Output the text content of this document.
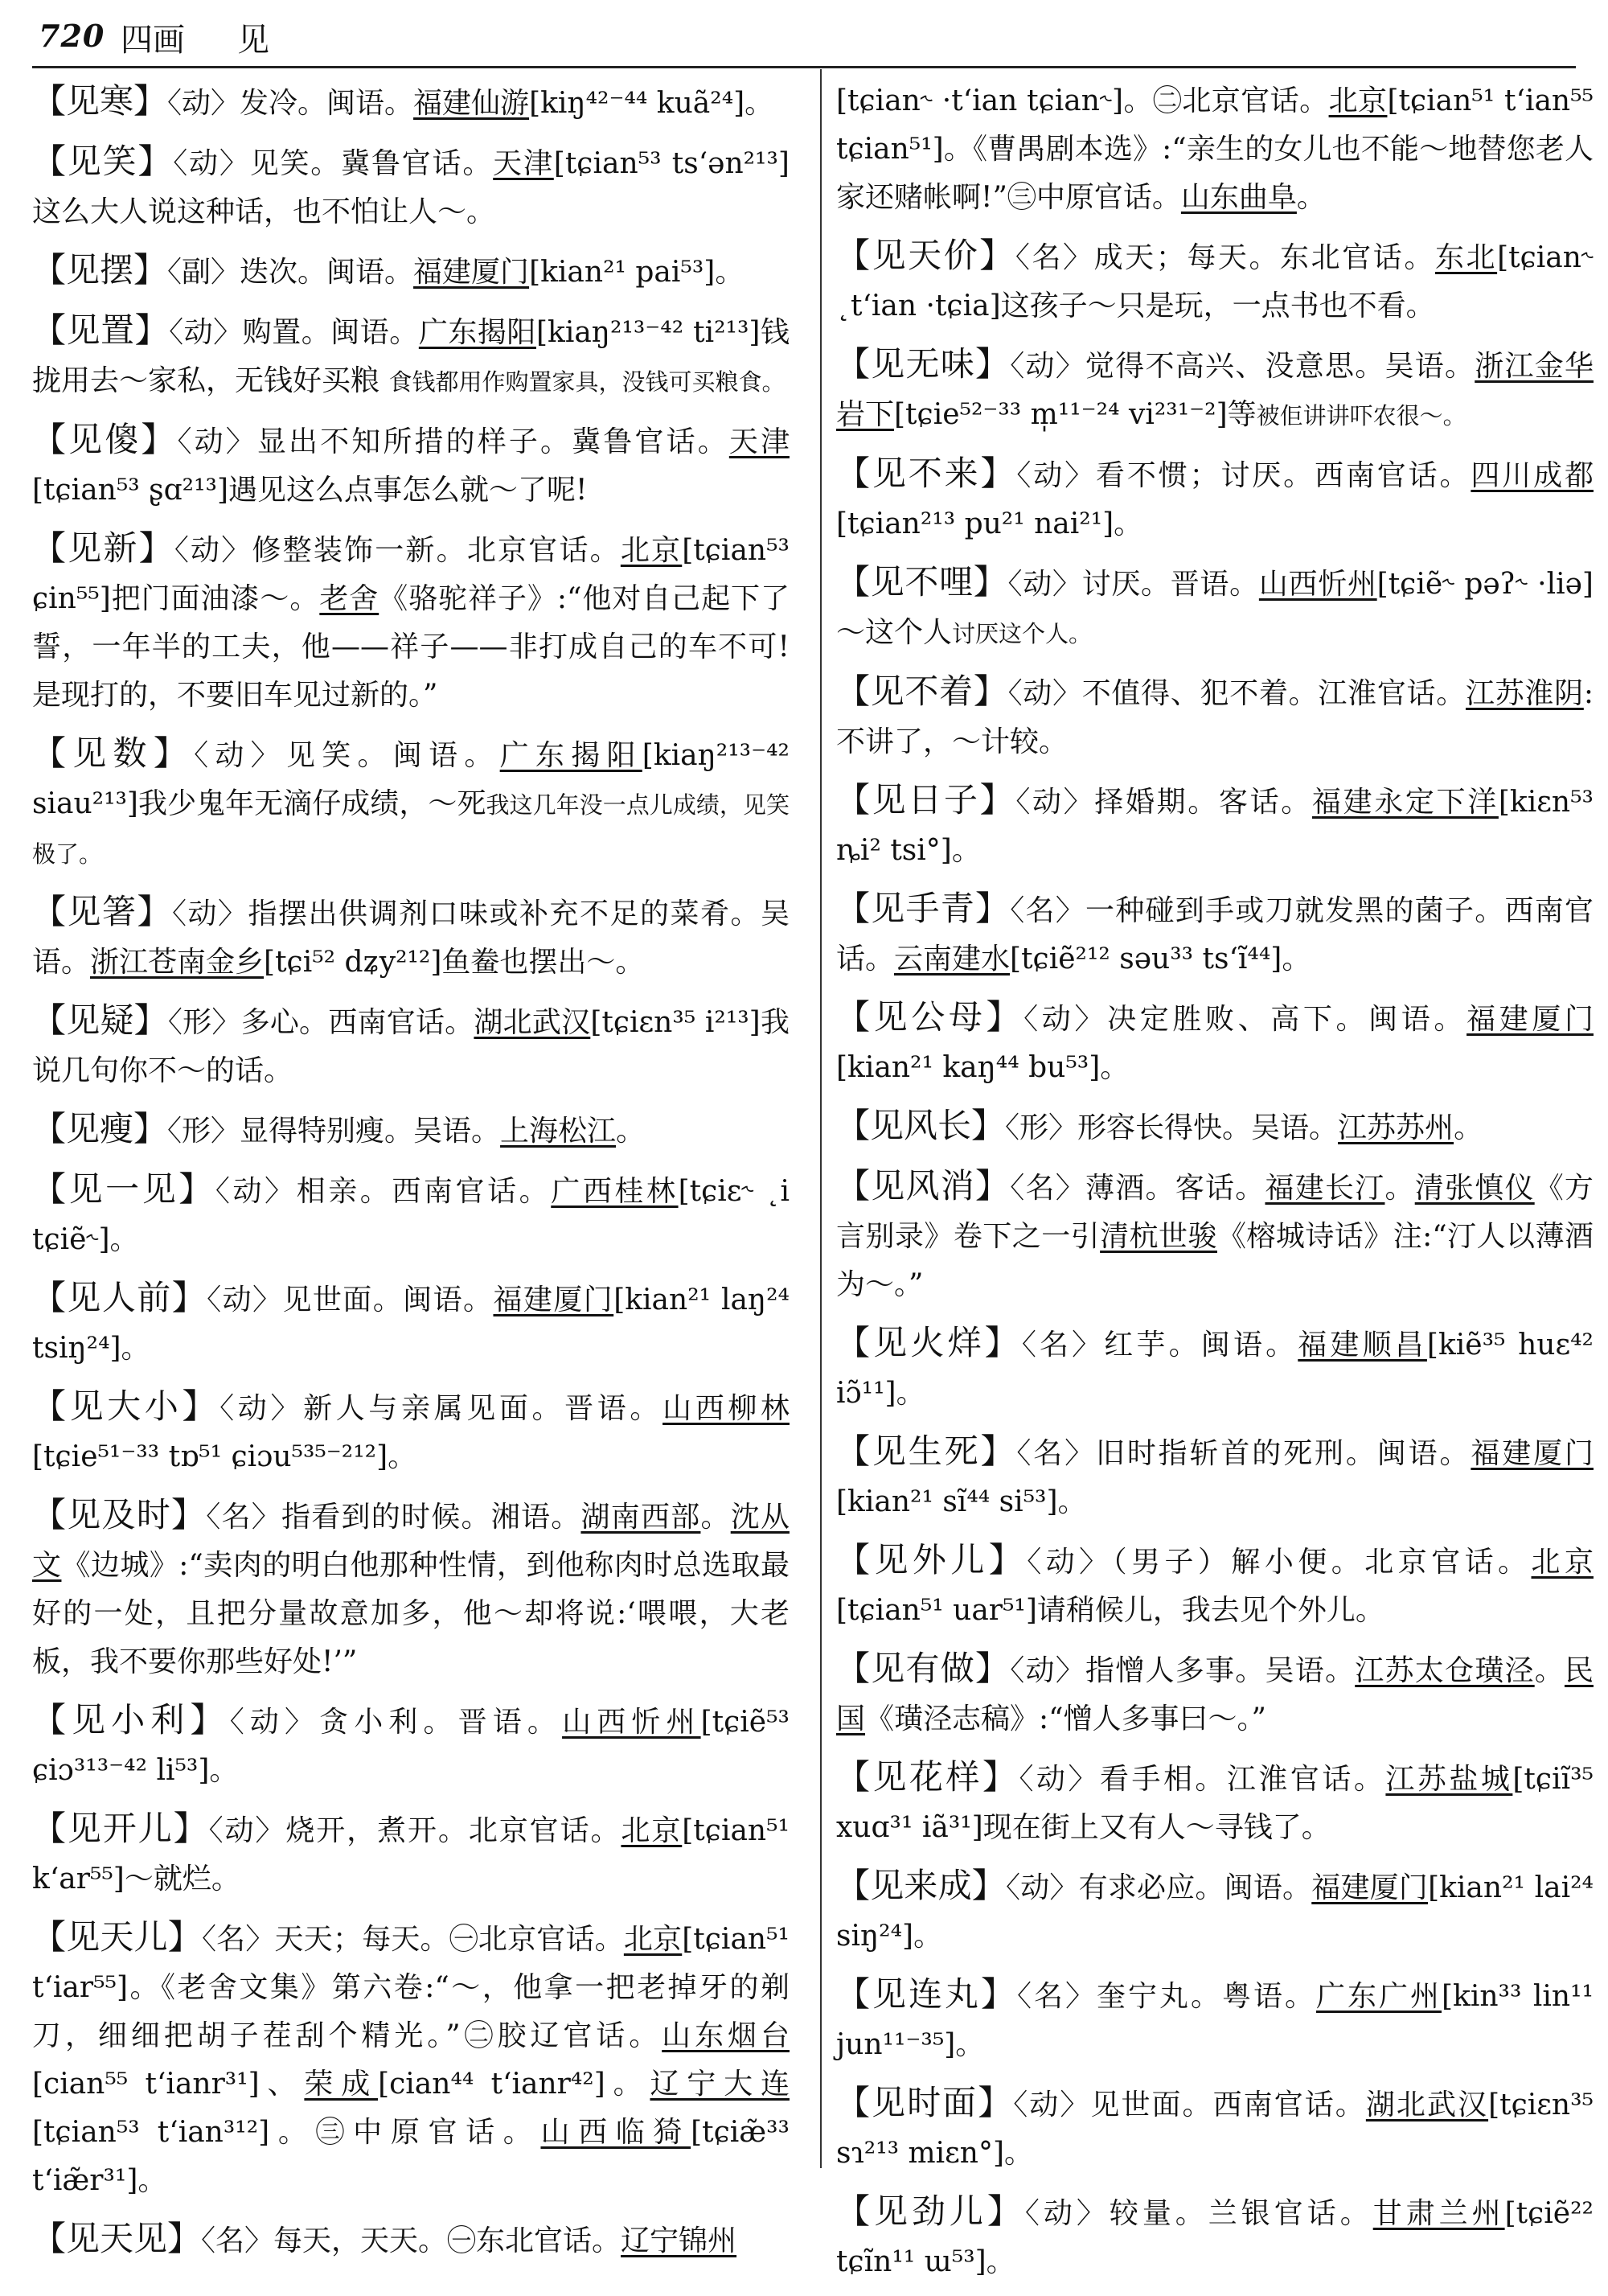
720 四画 见
【见寒】〈动〉发冷。闽语。福建仙游[kiŋ⁴²⁻⁴⁴ kuã²⁴]。
【见笑】〈动〉见笑。冀鲁官话。天津[tɕian⁵³ tsʻən²¹³]这么大人说这种话，也不怕让人～。
【见摆】〈副〉迭次。闽语。福建厦门[kian²¹ pai⁵³]。
【见置】〈动〉购置。闽语。广东揭阳[kiaŋ²¹³⁻⁴² ti²¹³]钱拢用去～家私，无钱好买粮 食钱都用作购置家具，没钱可买粮食。
【见傻】〈动〉显出不知所措的样子。冀鲁官话。天津[tɕian⁵³ ʂɑ²¹³]遇见这么点事怎么就～了呢!
【见新】〈动〉修整装饰一新。北京官话。北京[tɕian⁵³ ɕin⁵⁵]把门面油漆～。老舍《骆驼祥子》:“他对自己起下了誓，一年半的工夫，他——祥子——非打成自己的车不可! 是现打的，不要旧车见过新的。”
【见数】〈动〉见笑。闽语。广东揭阳[kiaŋ²¹³⁻⁴² siau²¹³]我少鬼年无滴仔成绩，～死我这几年没一点儿成绩，见笑极了。
【见箸】〈动〉指摆出供调剂口味或补充不足的菜肴。吴语。浙江苍南金乡[tɕi⁵² dʑy²¹²]鱼鲞也摆出～。
【见疑】〈形〉多心。西南官话。湖北武汉[tɕiɛn³⁵ i²¹³]我说几句你不～的话。
【见瘦】〈形〉显得特别瘦。吴语。上海松江。
【见一见】〈动〉相亲。西南官话。广西桂林[tɕiɛ˞ ˛i tɕiẽ˞]。
【见人前】〈动〉见世面。闽语。福建厦门[kian²¹ laŋ²⁴ tsiŋ²⁴]。
【见大小】〈动〉新人与亲属见面。晋语。山西柳林[tɕie⁵¹⁻³³ tɒ⁵¹ ɕiɔu⁵³⁵⁻²¹²]。
【见及时】〈名〉指看到的时候。湘语。湖南西部。沈从文《边城》:“卖肉的明白他那种性情，到他称肉时总选取最好的一处，且把分量故意加多，他～却将说:‘喂喂，大老板，我不要你那些好处!’”
【见小利】〈动〉贪小利。晋语。山西忻州[tɕiẽ⁵³ ɕiɔ³¹³⁻⁴² li⁵³]。
【见开儿】〈动〉烧开，煮开。北京官话。北京[tɕian⁵¹ kʻar⁵⁵]～就烂。
【见天儿】〈名〉天天；每天。㊀北京官话。北京[tɕian⁵¹ tʻiar⁵⁵]。《老舍文集》第六卷:“～，他拿一把老掉牙的剃刀，细细把胡子茬刮个精光。”㊁胶辽官话。山东烟台[cian⁵⁵ tʻianr³¹]、荣成[cian⁴⁴ tʻianr⁴²]。辽宁大连[tɕian⁵³ tʻian³¹²]。㊂中原官话。山西临猗[tɕiæ̃³³ tʻiæ̃r³¹]。
【见天见】〈名〉每天，天天。㊀东北官话。辽宁锦州
[tɕian˞ ·tʻian tɕian˞]。㊁北京官话。北京[tɕian⁵¹ tʻian⁵⁵ tɕian⁵¹]。《曹禺剧本选》:“亲生的女儿也不能～地替您老人家还赌帐啊!”㊂中原官话。山东曲阜。
【见天价】〈名〉成天；每天。东北官话。东北[tɕian˞ ˛tʻian ·tɕia]这孩子～只是玩，一点书也不看。
【见无味】〈动〉觉得不高兴、没意思。吴语。浙江金华岩下[tɕie⁵²⁻³³ m̩¹¹⁻²⁴ vi²³¹⁻²]等被佢讲讲吓农很～。
【见不来】〈动〉看不惯；讨厌。西南官话。四川成都[tɕian²¹³ pu²¹ nai²¹]。
【见不哩】〈动〉讨厌。晋语。山西忻州[tɕiẽ˞ pəʔ˞ ·liə]～这个人讨厌这个人。
【见不着】〈动〉不值得、犯不着。江淮官话。江苏淮阴: 不讲了，～计较。
【见日子】〈动〉择婚期。客话。福建永定下洋[kiɛn⁵³ ȵi² tsi°]。
【见手青】〈名〉一种碰到手或刀就发黑的菌子。西南官话。云南建水[tɕiẽ²¹² səu³³ tsʻĩ⁴⁴]。
【见公母】〈动〉决定胜败、高下。闽语。福建厦门[kian²¹ kaŋ⁴⁴ bu⁵³]。
【见风长】〈形〉形容长得快。吴语。江苏苏州。
【见风消】〈名〉薄酒。客话。福建长汀。清张慎仪《方言别录》卷下之一引清杭世骏《榕城诗话》注:“汀人以薄酒为～。”
【见火烊】〈名〉红芋。闽语。福建顺昌[kiẽ³⁵ huɛ⁴² iɔ̃¹¹]。
【见生死】〈名〉旧时指斩首的死刑。闽语。福建厦门[kian²¹ sĩ⁴⁴ si⁵³]。
【见外儿】〈动〉（男子）解小便。北京官话。北京[tɕian⁵¹ uar⁵¹]请稍候儿，我去见个外儿。
【见有做】〈动〉指憎人多事。吴语。江苏太仓璜泾。民国《璜泾志稿》:“憎人多事曰～。”
【见花样】〈动〉看手相。江淮官话。江苏盐城[tɕiĩ³⁵ xuɑ³¹ iã³¹]现在街上又有人～寻钱了。
【见来成】〈动〉有求必应。闽语。福建厦门[kian²¹ lai²⁴ siŋ²⁴]。
【见连丸】〈名〉奎宁丸。粤语。广东广州[kin³³ lin¹¹ jun¹¹⁻³⁵]。
【见时面】〈动〉见世面。西南官话。湖北武汉[tɕiɛn³⁵ sɿ²¹³ miɛn°]。
【见劲儿】〈动〉较量。兰银官话。甘肃兰州[tɕiẽ²² tɕĩn¹¹ ɯ⁵³]。
